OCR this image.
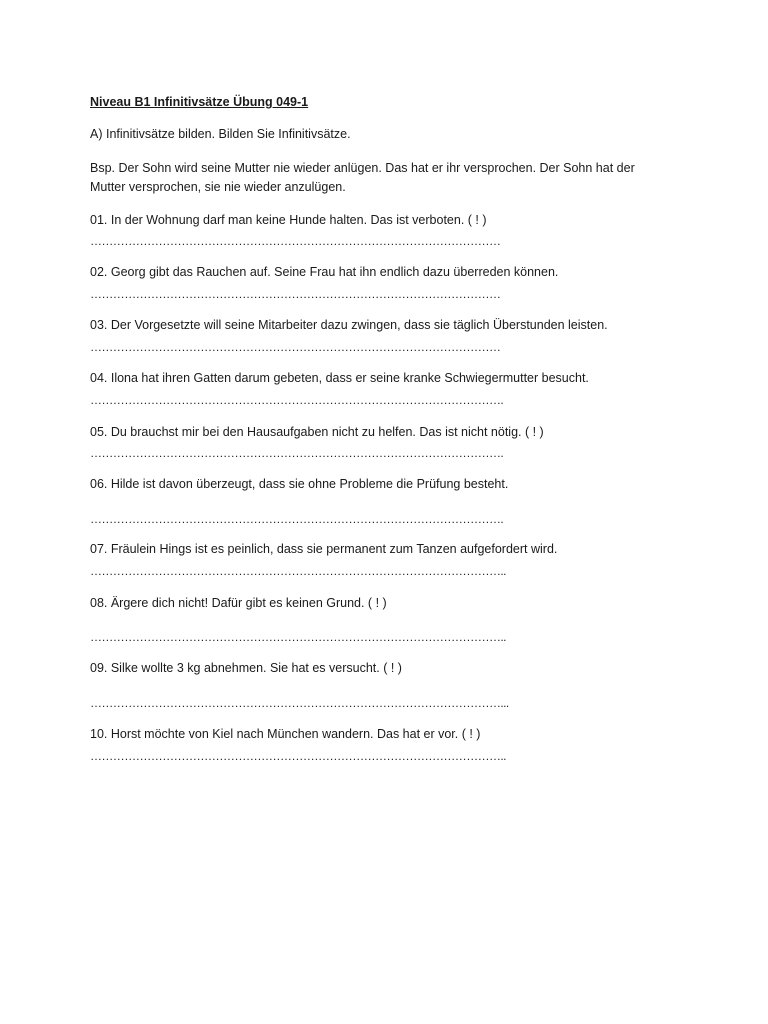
Niveau B1 Infinitivsätze Übung 049-1
A) Infinitivsätze bilden. Bilden Sie Infinitivsätze.
Bsp. Der Sohn wird seine Mutter nie wieder anlügen. Das hat er ihr versprochen. Der Sohn hat der
Mutter versprochen, sie nie wieder anzulügen.
01. In der Wohnung darf man keine Hunde halten. Das ist verboten. ( ! )
………………………………………………………………………………………………
02. Georg gibt das Rauchen auf. Seine Frau hat ihn endlich dazu überreden können.
………………………………………………………………………………………………
03. Der Vorgesetzte will seine Mitarbeiter dazu zwingen, dass sie täglich Überstunden leisten.
………………………………………………………………………………………………
04. Ilona hat ihren Gatten darum gebeten, dass er seine kranke Schwiegermutter besucht.
……………………………………………………………………………………………….
05. Du brauchst mir bei den Hausaufgaben nicht zu helfen. Das ist nicht nötig. ( ! )
……………………………………………………………………………………………….
06. Hilde ist davon überzeugt, dass sie ohne Probleme die Prüfung besteht.
……………………………………………………………………………………………….
07. Fräulein Hings ist es peinlich, dass sie permanent zum Tanzen aufgefordert wird.
………………………………………………………………………………………………..
08. Ärgere dich nicht! Dafür gibt es keinen Grund. ( ! )
………………………………………………………………………………………………..
09. Silke wollte 3 kg abnehmen. Sie hat es versucht. ( ! )
………………………………………………………………………………………………...
10. Horst möchte von Kiel nach München wandern. Das hat er vor. ( ! )
………………………………………………………………………………………………..
